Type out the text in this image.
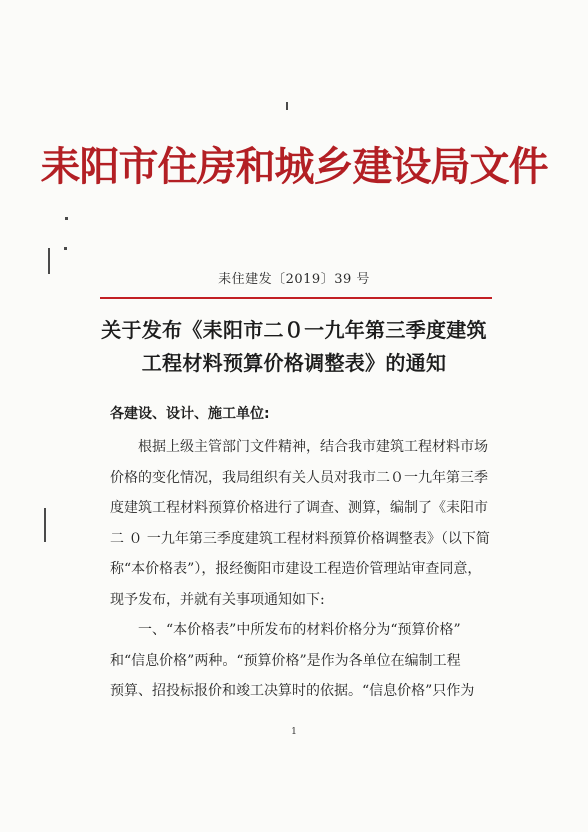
耒阳市住房和城乡建设局文件
耒住建发〔2019〕39 号
关于发布《耒阳市二０一九年第三季度建筑
工程材料预算价格调整表》的通知
各建设、设计、施工单位:
根据上级主管部门文件精神，结合我市建筑工程材料市场
价格的变化情况，我局组织有关人员对我市二０一九年第三季
度建筑工程材料预算价格进行了调查、测算，编制了《耒阳市
二 ０ 一九年第三季度建筑工程材料预算价格调整表》（以下简
称“本价格表”），报经衡阳市建设工程造价管理站审查同意，
现予发布，并就有关事项通知如下:
一、“本价格表”中所发布的材料价格分为“预算价格”
和“信息价格”两种。“预算价格”是作为各单位在编制工程
预算、招投标报价和竣工决算时的依据。“信息价格”只作为
1
